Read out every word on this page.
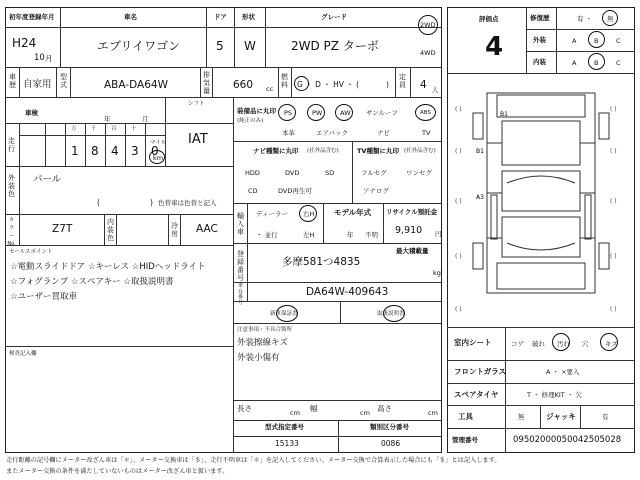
初年度登録年月
H24
10 月
車名
エブリイワゴン
ドア
5
形状
W
グレード
2WD PZ ターボ
2WD
4WD
車歴 自家用
型式	ABA-DA64W
排気量 660 cc
燃料 G ・ D ・ HV ・ (	)
定員 4 人
車検
年	月
シフト
IAT
走行
万	千	百	十
1 8 4 3 0
マイル
km
外装色
パール
(	) 色替車は色替と記入
カラー No.
Z7T
内装色
冷房 AAC
セールスポイント
☆電動スライドドア ☆キーレス ☆HIDヘッドライト
☆フォグランプ ☆スペアキー ☆取扱説明書
☆ユーザー買取車
検査記入欄
装備品に丸印
(純正のみ)
PS	PW	AW サンルーフ	ABS
本革	エアバック	ナビ	TV
ナビ種類に丸印 (社外品含む)
HDD	DVD	SD
CD	DVD再生可
TV種類に丸印 (社外品含む)
フルセグ	ワンセグ
アナログ
輸入車
ディーラー
・ 並行
右H
左H
モデル年式
年 不明
リサイクル預託金
9,910 円
登録番号
多摩581つ4835
最大積載量
kg
車台番号
DA64W-409643
新車保証書	取扱説明書
注意事項・不具合箇所
外装擦線キズ
外装小傷有
長さ	cm 幅	cm 高さ	cm
型式指定番号
15133
類別区分番号
0086
評価点
4
修復歴	有 ・ 無
外装	A	B	C
内装	A	B	C
B1
B1
A3
( )	( )
( )	( )
( )	( )
( )	( )
( )	( )
室内シート	コゲ 破れ 汚れ 穴	キズ
フロントガラス	A ・ ×要入
スペアタイヤ	T ・ 修理KIT ・ 欠
工具	無	ジャッキ	有
管理番号	09502000050042505028
走行距離の記号欄にメーター改ざん車は「＊」、メーター交換車は「＄」、走行不明車は「＊」を記入してください。メーター交換で合算表示した場合にも「＄」とは記入します。
またメーター交換の条件を満たしていないものはメーター改ざん車と扱います。
